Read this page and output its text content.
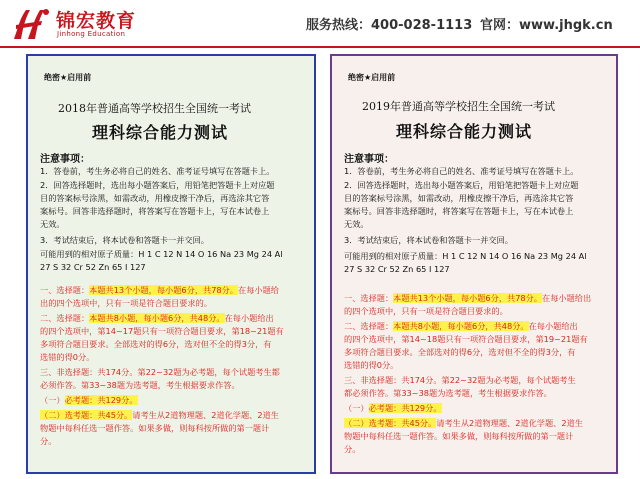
锦宏教育
Jinhong Education
服务热线：400-028-1113 官网：www.jhgk.cn
绝密★启用前
2018年普通高等学校招生全国统一考试
理科综合能力测试
注意事项：
1．答卷前，考生务必将自己的姓名、准考证号填写在答题卡上。
2．回答选择题时，选出每小题答案后，用铅笔把答题卡上对应题
目的答案标号涂黑，如需改动，用橡皮擦干净后，再选涂其它答
案标号。回答非选择题时，将答案写在答题卡上，写在本试卷上
无效。
3．考试结束后，将本试卷和答题卡一并交回。
可能用到的相对原子质量：H 1 C 12 N 14 O 16 Na 23 Mg 24 Al
27 S 32 Cr 52 Zn 65 I 127
一、选择题：本题共13个小题，每小题6分，共78分。在每小题给
出的四个选项中，只有一项是符合题目要求的。
二、选择题：本题共8小题，每小题6分，共48分。在每小题给出
的四个选项中，第14~17题只有一项符合题目要求，第18~21题有
多项符合题目要求。全部选对的得6分，选对但不全的得3分，有
选错的得0分。
三、非选择题：共174分。第22~32题为必考题，每个试题考生都
必须作答。第33~38题为选考题，考生根据要求作答。
（一）必考题：共129分。
（二）选考题：共45分。请考生从2道物理题、2道化学题、2道生
物题中每科任选一题作答。如果多做，则每科按所做的第一题计
分。
绝密★启用前
2019年普通高等学校招生全国统一考试
理科综合能力测试
注意事项：
1．答卷前，考生务必将自己的姓名、准考证号填写在答题卡上。
2．回答选择题时，选出每小题答案后，用铅笔把答题卡上对应题
目的答案标号涂黑，如需改动，用橡皮擦干净后，再选涂其它答
案标号。回答非选择题时，将答案写在答题卡上，写在本试卷上
无效。
3．考试结束后，将本试卷和答题卡一并交回。
可能用到的相对原子质量：H 1 C 12 N 14 O 16 Na 23 Mg 24 Al
27 S 32 Cr 52 Zn 65 I 127
一、选择题：本题共13个小题，每小题6分，共78分。在每小题给出
的四个选项中，只有一项是符合题目要求的。
二、选择题：本题共8小题，每小题6分，共48分。在每小题给出
的四个选项中，第14~18题只有一项符合题目要求，第19~21题有
多项符合题目要求。全部选对的得6分，选对但不全的得3分，有
选错的得0分。
三、非选择题：共174分。第22~32题为必考题，每个试题考生
都必须作答。第33~38题为选考题，考生根据要求作答。
（一）必考题：共129分。
（二）选考题：共45分。请考生从2道物理题、2道化学题、2道生
物题中每科任选一题作答。如果多做，则每科按所做的第一题计
分。
